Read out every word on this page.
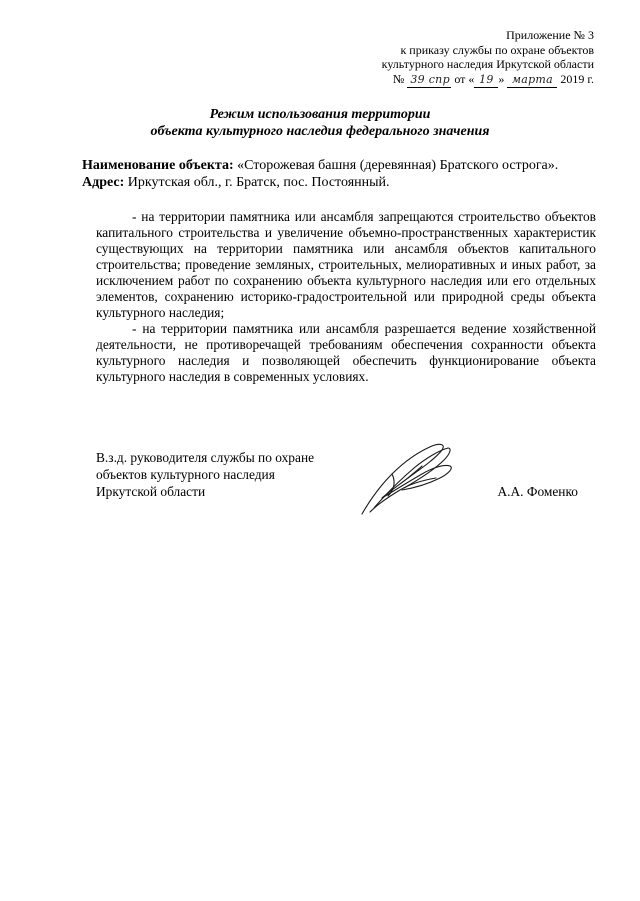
Приложение № 3
к приказу службы по охране объектов
культурного наследия Иркутской области
№ 39 спр от « 19 » марта 2019 г.
Режим использования территории
объекта культурного наследия федерального значения
Наименование объекта: «Сторожевая башня (деревянная) Братского острога».
Адрес: Иркутская обл., г. Братск, пос. Постоянный.

- на территории памятника или ансамбля запрещаются строительство объектов капитального строительства и увеличение объемно-пространственных характеристик существующих на территории памятника или ансамбля объектов капитального строительства; проведение земляных, строительных, мелиоративных и иных работ, за исключением работ по сохранению объекта культурного наследия или его отдельных элементов, сохранению историко-градостроительной или природной среды объекта культурного наследия;

- на территории памятника или ансамбля разрешается ведение хозяйственной деятельности, не противоречащей требованиям обеспечения сохранности объекта культурного наследия и позволяющей обеспечить функционирование объекта культурного наследия в современных условиях.

В.з.д. руководителя службы по охране
объектов культурного наследия
Иркутской области	А.А. Фоменко
